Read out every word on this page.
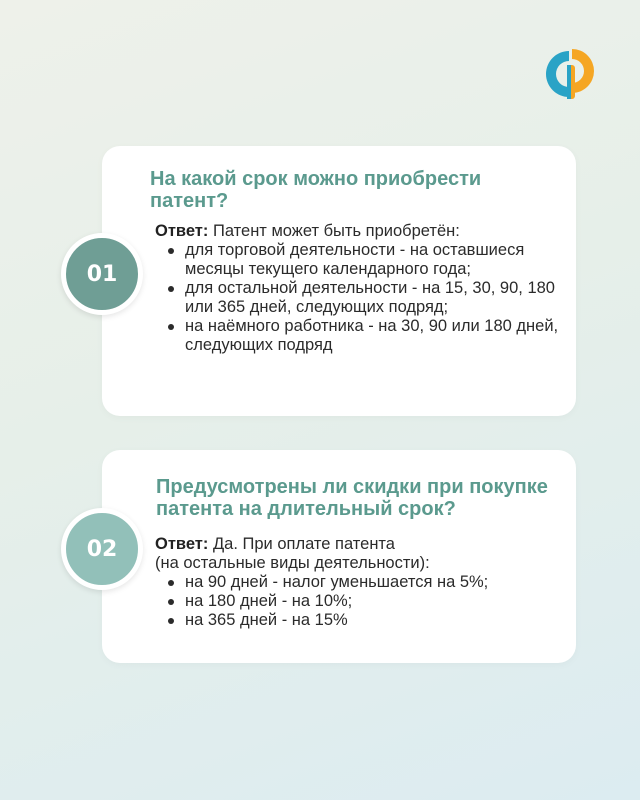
На какой срок можно приобрести патент?
Ответ: Патент может быть приобретён:
для торговой деятельности - на оставшиеся месяцы текущего календарного года;
для остальной деятельности - на 15, 30, 90, 180 или 365 дней, следующих подряд;
на наёмного работника - на 30, 90 или 180 дней, следующих подряд
Предусмотрены ли скидки при покупке патента на длительный срок?
Ответ: Да. При оплате патента
(на остальные виды деятельности):
на 90 дней - налог уменьшается на 5%;
на 180 дней - на 10%;
на 365 дней - на 15%
01
02
